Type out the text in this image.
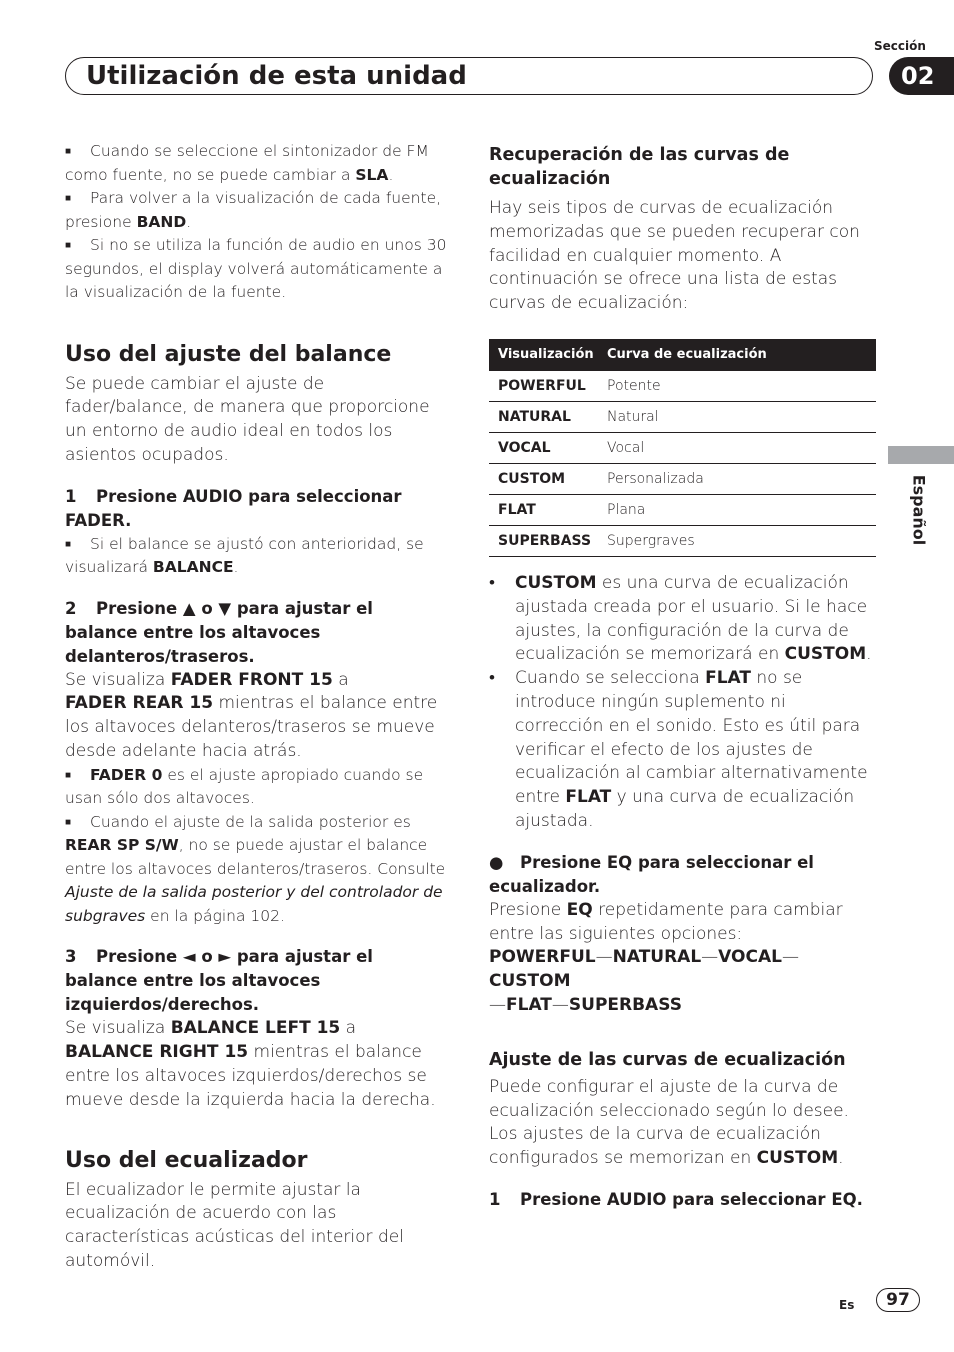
Sección
Utilización de esta unidad	02
Español

■ Cuando se seleccione el sintonizador de FM como fuente, no se puede cambiar a SLA.

■ Para volver a la visualización de cada fuente, presione BAND.

■ Si no se utiliza la función de audio en unos 30 segundos, el display volverá automáticamente a la visualización de la fuente.

Uso del ajuste del balance

Se puede cambiar el ajuste de fader/balance, de manera que proporcione un entorno de audio ideal en todos los asientos ocupados.

1 Presione AUDIO para seleccionar FADER.

■ Si el balance se ajustó con anterioridad, se visualizará BALANCE.

2 Presione ▲ o ▼ para ajustar el balance entre los altavoces delanteros/traseros.

Se visualiza FADER FRONT 15 a
FADER REAR 15 mientras el balance entre los altavoces delanteros/traseros se mueve desde adelante hacia atrás.

■ FADER 0 es el ajuste apropiado cuando se usan sólo dos altavoces.

■ Cuando el ajuste de la salida posterior es REAR SP S/W, no se puede ajustar el balance entre los altavoces delanteros/traseros. Consulte Ajuste de la salida posterior y del controlador de subgraves en la página 102.

3 Presione ◄ o ► para ajustar el balance entre los altavoces izquierdos/derechos.

Se visualiza BALANCE LEFT 15 a
BALANCE RIGHT 15 mientras el balance entre los altavoces izquierdos/derechos se mueve desde la izquierda hacia la derecha.

Uso del ecualizador

El ecualizador le permite ajustar la ecualización de acuerdo con las características acústicas del interior del automóvil.

Recuperación de las curvas de ecualización

Hay seis tipos de curvas de ecualización memorizadas que se pueden recuperar con facilidad en cualquier momento. A continuación se ofrece una lista de estas curvas de ecualización:

Visualización	Curva de ecualización
POWERFUL	Potente
NATURAL	Natural
VOCAL	Vocal
CUSTOM	Personalizada
FLAT	Plana
SUPERBASS	Supergraves

• CUSTOM es una curva de ecualización ajustada creada por el usuario. Si le hace ajustes, la configuración de la curva de ecualización se memorizará en CUSTOM.

• Cuando se selecciona FLAT no se introduce ningún suplemento ni corrección en el sonido. Esto es útil para verificar el efecto de los ajustes de ecualización al cambiar alternativamente entre FLAT y una curva de ecualización ajustada.

● Presione EQ para seleccionar el ecualizador.

Presione EQ repetidamente para cambiar entre las siguientes opciones:

POWERFUL—NATURAL—VOCAL—CUSTOM
—FLAT—SUPERBASS

Ajuste de las curvas de ecualización

Puede configurar el ajuste de la curva de ecualización seleccionado según lo desee. Los ajustes de la curva de ecualización configurados se memorizan en CUSTOM.

1 Presione AUDIO para seleccionar EQ.

Es	97
